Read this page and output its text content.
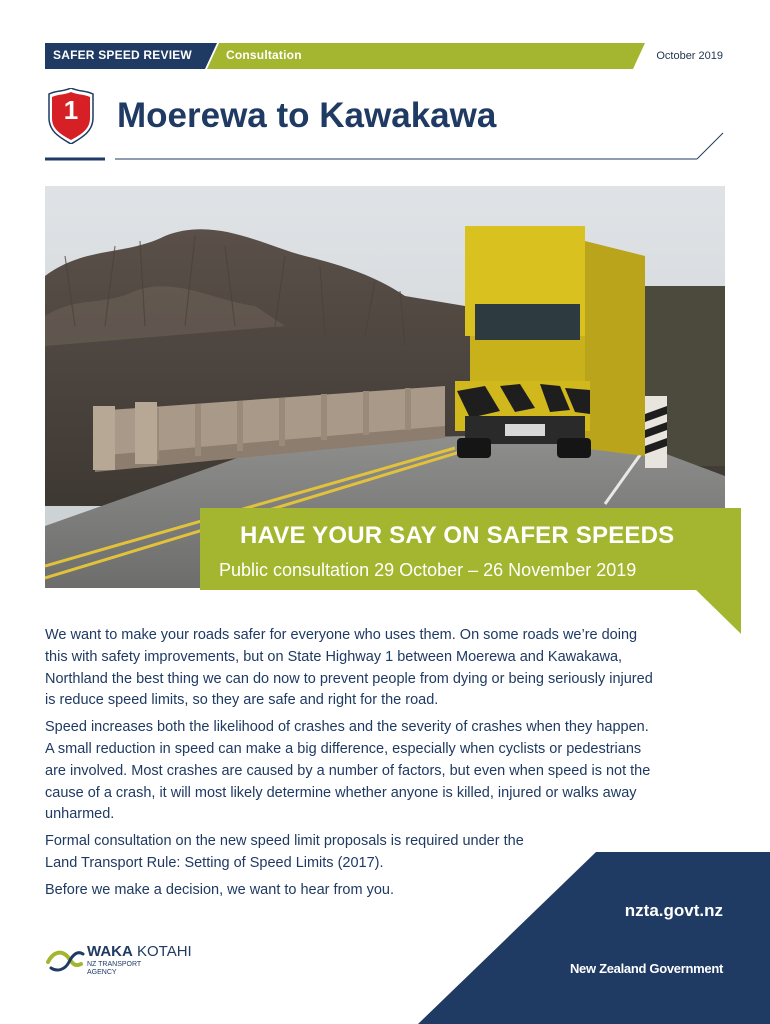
SAFER SPEED REVIEW	Consultation	October 2019
1	Moerewa to Kawakawa
HAVE YOUR SAY ON SAFER SPEEDS
Public consultation 29 October – 26 November 2019

We want to make your roads safer for everyone who uses them. On some roads we’re doing this with safety improvements, but on State Highway 1 between Moerewa and Kawakawa, Northland the best thing we can do now to prevent people from dying or being seriously injured is reduce speed limits, so they are safe and right for the road.

Speed increases both the likelihood of crashes and the severity of crashes when they happen. A small reduction in speed can make a big difference, especially when cyclists or pedestrians are involved. Most crashes are caused by a number of factors, but even when speed is not the cause of a crash, it will most likely determine whether anyone is killed, injured or walks away unharmed.

Formal consultation on the new speed limit proposals is required under the Land Transport Rule: Setting of Speed Limits (2017).

Before we make a decision, we want to hear from you.

nzta.govt.nz
New Zealand Government
WAKA KOTAHI
NZ TRANSPORT
AGENCY
